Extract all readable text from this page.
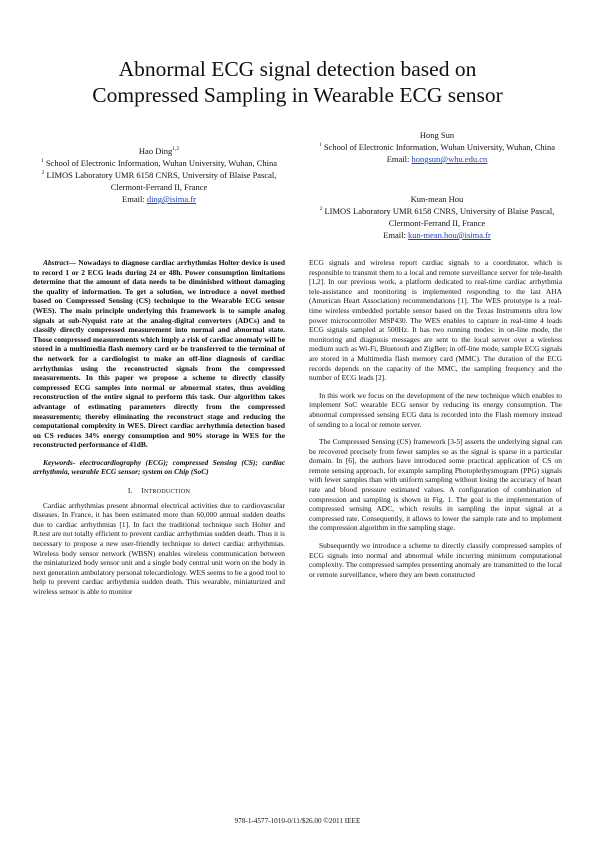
Abnormal ECG signal detection based on
Compressed Sampling in Wearable ECG sensor
Hao Ding$^{1,2}$
$^1$ School of Electronic Information, Wuhan University, Wuhan, China
$^2$ LIMOS Laboratory UMR 6158 CNRS, University of Blaise Pascal, Clermont-Ferrand II, France
Email: ding@isima.fr
Hong Sun
$^1$ School of Electronic Information, Wuhan University, Wuhan, China
Email: hongsun@whu.edu.cn
Kun-mean Hou
$^2$ LIMOS Laboratory UMR 6158 CNRS, University of Blaise Pascal, Clermont-Ferrand II, France
Email: kun-mean.hou@isima.fr

Abstract— Nowadays to diagnose cardiac arrhythmias Holter device is used to record 1 or 2 ECG leads during 24 or 48h. Power consumption limitations determine that the amount of data needs to be diminished without damaging the quality of information. To get a solution, we introduce a novel method based on Compressed Sensing (CS) technique to the Wearable ECG sensor (WES). The main principle underlying this framework is to sample analog signals at sub-Nyquist rate at the analog-digital converters (ADCs) and to classify directly compressed measurement into normal and abnormal state. Those compressed measurements which imply a risk of cardiac anomaly will be stored in a multimedia flash memory card or be transferred to the terminal of the network for a cardiologist to make an off-line diagnosis of cardiac arrhythmias using the reconstructed signals from the compressed measurements. In this paper we propose a scheme to directly classify compressed ECG samples into normal or abnormal states, thus avoiding reconstruction of the entire signal to perform this task. Our algorithm takes advantage of estimating parameters directly from the compressed measurements; thereby eliminating the reconstruct stage and reducing the computational complexity in WES. Direct cardiac arrhythmia detection based on CS reduces 34% energy consumption and 90% storage in WES for the reconstructed performance of 41dB.

Keywords- electrocardiography (ECG); compressed Sensing (CS); cardiac arrhythmia, wearable ECG sensor; system on Chip (SoC)

I. INTRODUCTION

Cardiac arrhythmias present abnormal electrical activities due to cardiovascular diseases. In France, it has been estimated more than 60,000 annual sudden deaths due to cardiac arrhythmias [1]. In fact the traditional technique such Holter and R.test are not totally efficient to prevent cardiac arrhythmias sudden death. Thus it is necessary to propose a new user-friendly technique to detect cardiac arrhythmias. Wireless body sensor network (WBSN) enables wireless communication between the miniaturized body sensor unit and a single body central unit worn on the body in next generation ambulatory personal telecardiology. WES seems to be a good tool to help to prevent cardiac arrhythmia sudden death. This wearable, miniaturized and wireless sensor is able to monitor

ECG signals and wireless report cardiac signals to a coordinator, which is responsible to transmit them to a local and remote surveillance server for tele-health [1,2]. In our previous work, a platform dedicated to real-time cardiac arrhythmia tele-assistance and monitoring is implemented responding to the last AHA (American Heart Association) recommendations [1]. The WES prototype is a real-time wireless embedded portable sensor based on the Texas Instruments ultra low power microcontroller MSP430. The WES enables to capture in real-time 4 leads ECG signals sampled at 500Hz. It has two running modes: in on-line mode, the monitoring and diagnosis messages are sent to the local server over a wireless medium such as Wi-Fi, Bluetooth and ZigBee; in off-line mode, sample ECG signals are stored in a Multimedia flash memory card (MMC). The duration of the ECG records depends on the capacity of the MMC, the sampling frequency and the number of ECG leads [2].

In this work we focus on the development of the new technique which enables to implement SoC wearable ECG sensor by reducing its energy consumption. The abnormal compressed sensing ECG data is recorded into the Flash memory instead of sending to a local or remote server.

The Compressed Sensing (CS) framework [3-5] asserts the underlying signal can be recovered precisely from fewer samples so as the signal is sparse in a particular domain. In [6], the authors have introduced some practical application of CS on remote sensing approach, for example sampling Photoplethysmogram (PPG) signals with fewer samples than with uniform sampling without losing the accuracy of heart rate and blood pressure estimated values. A configuration of combination of compression and sampling is shown in Fig. 1. The goal is the implementation of compressed sensing ADC, which results in sampling the input signal at a compressed rate. Consequently, it allows to lower the sample rate and to implement the compression algorithm in the sampling stage.

Subsequently we introduce a scheme to directly classify compressed samples of ECG signals into normal and abnormal while incurring minimum computational complexity. The compressed samples presenting anomaly are transmitted to the local or remote surveillance, where they are been constructed

978-1-4577-1010-0/11/$26.00 ©2011 IEEE
